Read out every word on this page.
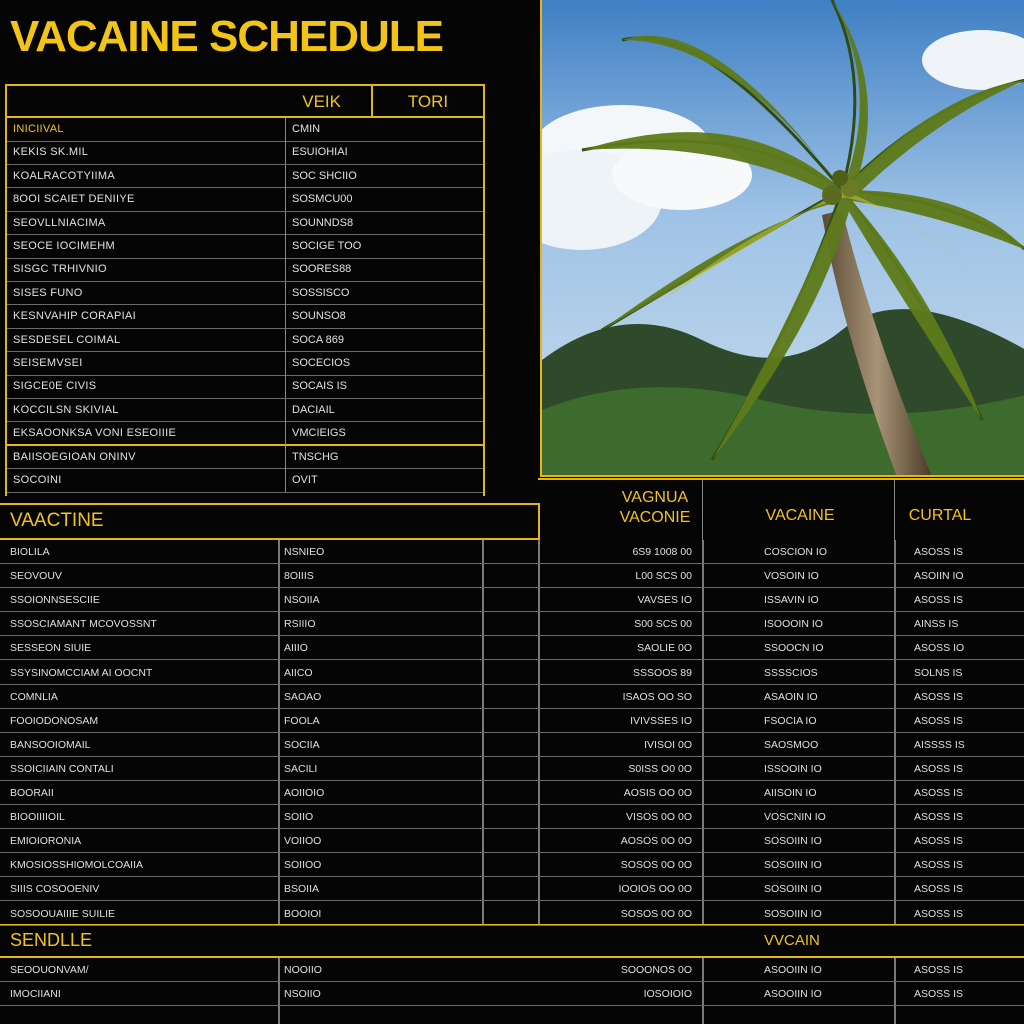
VACAINE SCHEDULE
VEIK	TORI
INICIIVAL	CMIN
KEKIS SK.MIL	ESUIOHIAI
KOALRACOTYIIMA	SOC SHCIIO
8OOI SCAIET DENIIYE	SOSMCU00
SEOVLLNIACIMA	SOUNNDS8
SEOCE IOCIMEHM	SOCIGE TOO
SISGC TRHIVNIO	SOORES88
SISES FUNO	SOSSISCO
KESNVAHIP CORAPIAI	SOUNSO8
SESDESEL COIMAL	SOCA 869
SEISEMVSEI	SOCECIOS
SIGCE0E CIVIS	SOCAIS IS
KOCCILSN SKIVIAL	DACIAIL
EKSAOONKSA VONI ESEOIIIE	VMCIEIGS
BAIISOEGIOAN ONINV	TNSCHG
SOCOINI	OVIT
VAACTINE
VAGNUA
VACONIE	VACAINE	CURTAL
SENDLLE	VVCAIN
BIOLILA	NSNIEO	6S9 1008 00	COSCION IO	ASOSS IS
SEOVOUV	8OIIIS	L00 SCS 00	VOSOIN IO	ASOIIN IO
SSOIONNSESCIIE	NSOIIA	VAVSES IO	ISSAVIN IO	ASOSS IS
SSOSCIAMANT MCOVOSSNT	RSIIIO	S00 SCS 00	ISOOOIN IO	AINSS IS
SESSEON SIUIE	AIIIO	SAOLIE 0O	SSOOCN IO	ASOSS IO
SSYSINOMCCIAM AI OOCNT	AIICO	SSSOOS 89	SSSSCIOS	SOLNS IS
COMNLIA	SAOAO	ISAOS OO SO	ASAOIN IO	ASOSS IS
FOOIODONOSAM	FOOLA	IVIVSSES IO	FSOCIA IO	ASOSS IS
BANSOOIOMAIL	SOCIIA	IVISOI 0O	SAOSMOO	AISSSS IS
SSOICIIAIN CONTALI	SACILI	S0ISS O0 0O	ISSOOIN IO	ASOSS IS
BOORAII	AOIIOIO	AOSIS OO 0O	AIISOIN IO	ASOSS IS
BIOOIIIIOIL	SOIIO	VISOS 0O 0O	VOSCNIN IO	ASOSS IS
EMIOIORONIA	VOIIOO	AOSOS 0O 0O	SOSOIIN IO	ASOSS IS
KMOSIOSSHIOMOLCOAIIA	SOIIOO	SOSOS 0O 0O	SOSOIIN IO	ASOSS IS
SIIIS COSOOENIV	BSOIIA	IOOIOS OO 0O	SOSOIIN IO	ASOSS IS
SOSOOUAIIIE SUILIE	BOOIOI	SOSOS 0O 0O	SOSOIIN IO	ASOSS IS
SEOOUONVAM/	NOOIIO	SOOONOS 0O	ASOOIIN IO	ASOSS IS
IMOCIIANI	NSOIIO	IOSOIOIO	ASOOIIN IO	ASOSS IS
